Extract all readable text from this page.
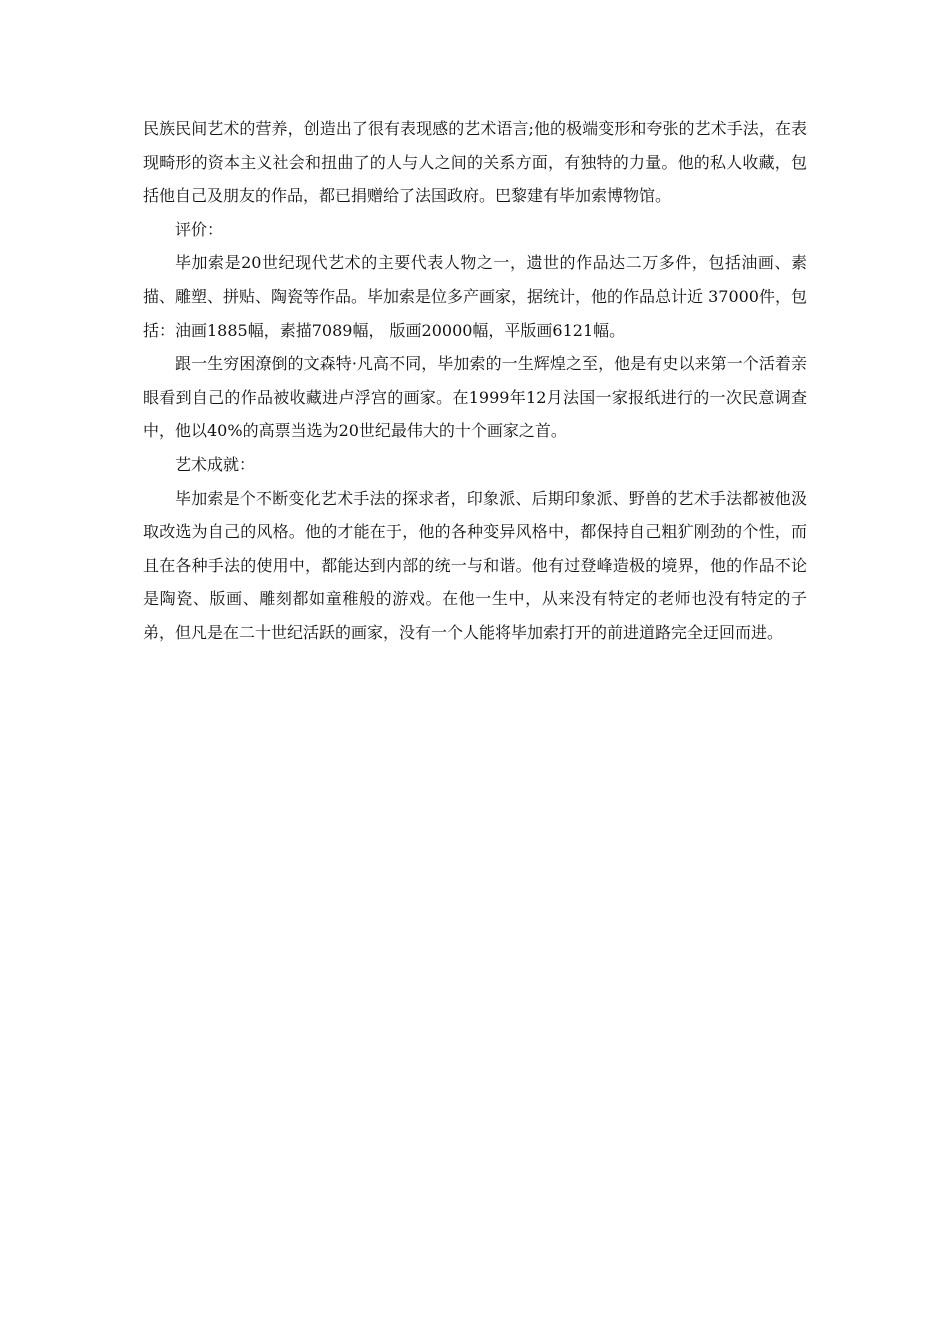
民族民间艺术的营养，创造出了很有表现感的艺术语言;他的极端变形和夸张的艺术手法，在表现畸形的资本主义社会和扭曲了的人与人之间的关系方面，有独特的力量。他的私人收藏，包括他自己及朋友的作品，都已捐赠给了法国政府。巴黎建有毕加索博物馆。

评价：

毕加索是20世纪现代艺术的主要代表人物之一，遗世的作品达二万多件，包括油画、素描、雕塑、拼贴、陶瓷等作品。毕加索是位多产画家，据统计，他的作品总计近 37000件，包括：油画1885幅，素描7089幅， 版画20000幅，平版画6121幅。

跟一生穷困潦倒的文森特·凡高不同，毕加索的一生辉煌之至，他是有史以来第一个活着亲眼看到自己的作品被收藏进卢浮宫的画家。在1999年12月法国一家报纸进行的一次民意调查中，他以40%的高票当选为20世纪最伟大的十个画家之首。

艺术成就：

毕加索是个不断变化艺术手法的探求者，印象派、后期印象派、野兽的艺术手法都被他汲取改选为自己的风格。他的才能在于，他的各种变异风格中，都保持自己粗犷刚劲的个性，而且在各种手法的使用中，都能达到内部的统一与和谐。他有过登峰造极的境界，他的作品不论是陶瓷、版画、雕刻都如童稚般的游戏。在他一生中，从来没有特定的老师也没有特定的子弟，但凡是在二十世纪活跃的画家，没有一个人能将毕加索打开的前进道路完全迂回而进。
